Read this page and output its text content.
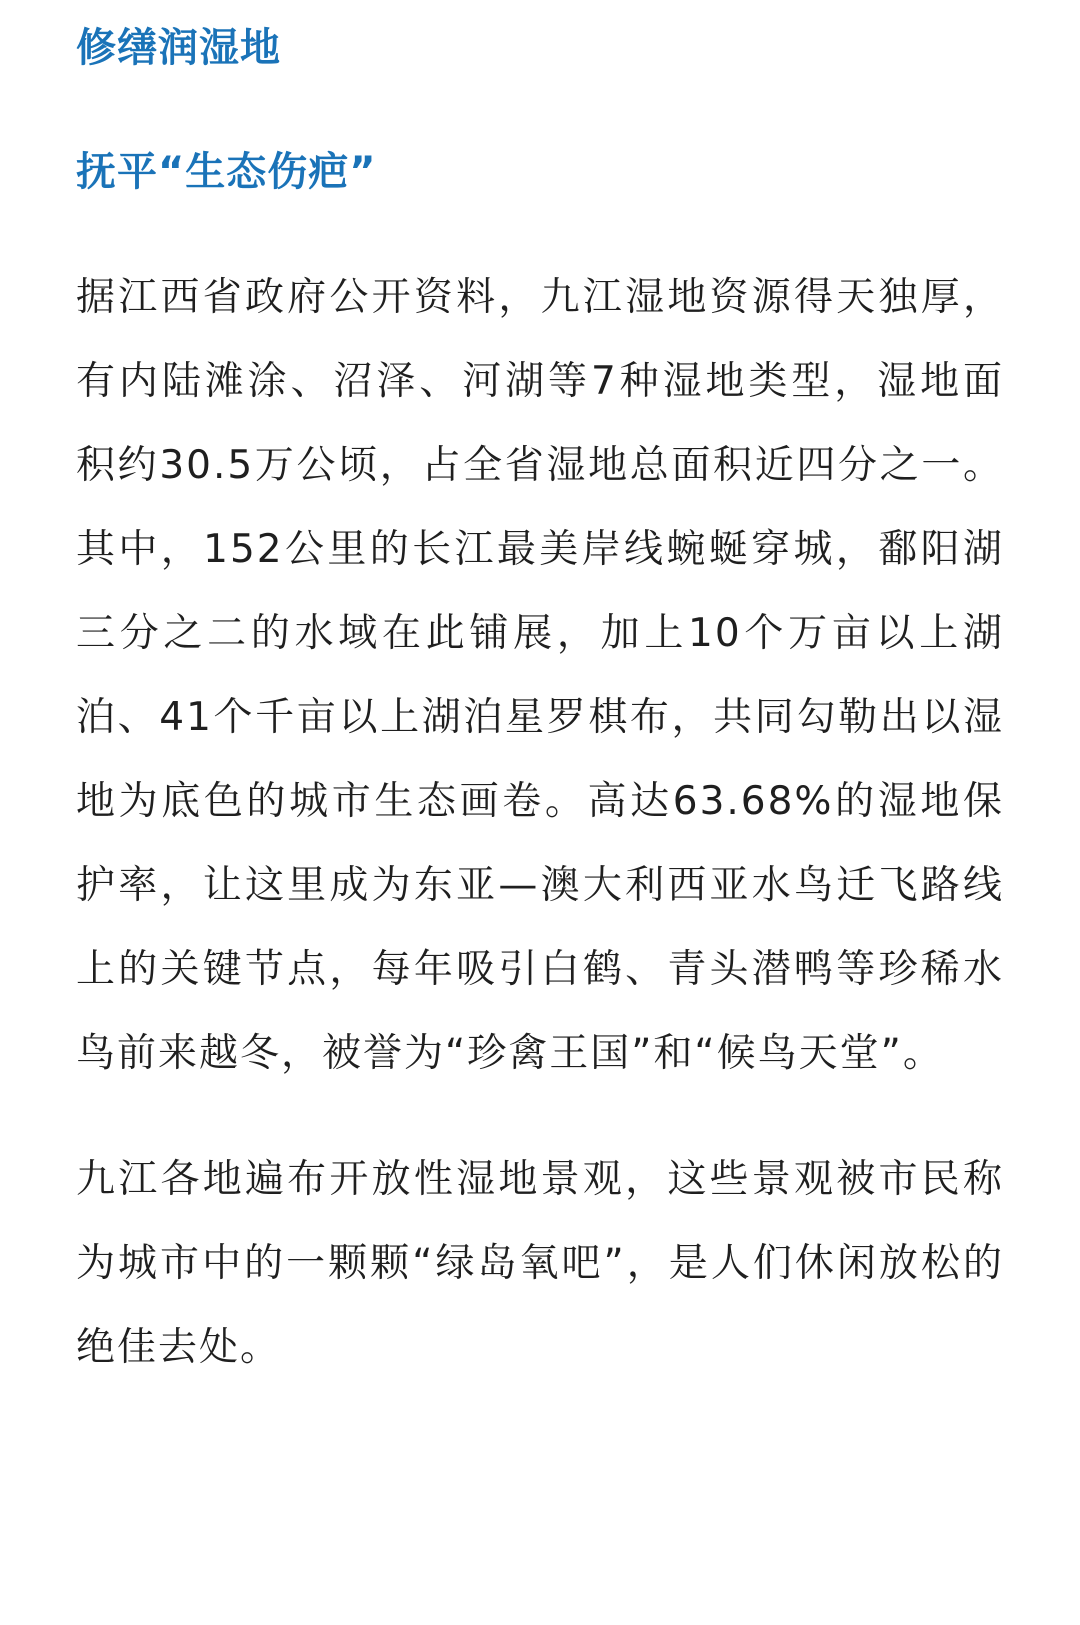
修缮润湿地
抚平“生态伤疤”

据江西省政府公开资料，九江湿地资源得天独厚，有内陆滩涂、沼泽、河湖等7种湿地类型，湿地面积约30.5万公顷，占全省湿地总面积近四分之一。其中，152公里的长江最美岸线蜿蜒穿城，鄱阳湖三分之二的水域在此铺展，加上10个万亩以上湖泊、41个千亩以上湖泊星罗棋布，共同勾勒出以湿地为底色的城市生态画卷。高达63.68%的湿地保护率，让这里成为东亚—澳大利西亚水鸟迁飞路线上的关键节点，每年吸引白鹤、青头潜鸭等珍稀水鸟前来越冬，被誉为“珍禽王国”和“候鸟天堂”。

九江各地遍布开放性湿地景观，这些景观被市民称为城市中的一颗颗“绿岛氧吧”，是人们休闲放松的绝佳去处。
